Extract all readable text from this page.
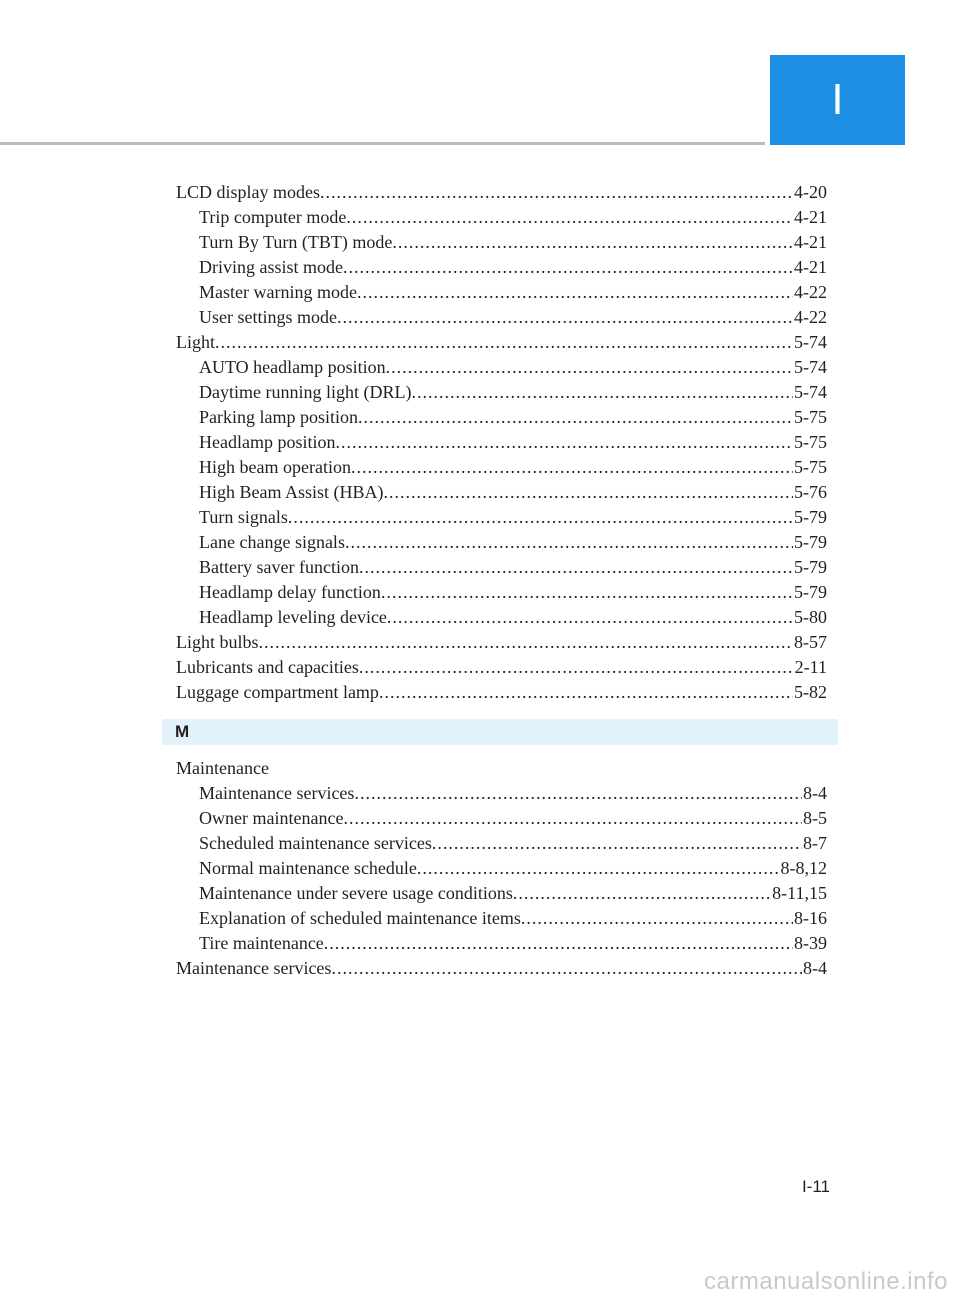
I
LCD display modes .....	4-20
Trip computer mode .....	4-21
Turn By Turn (TBT) mode .....	4-21
Driving assist mode .....	4-21
Master warning mode .....	4-22
User settings mode .....	4-22
Light .....	5-74
AUTO headlamp position .....	5-74
Daytime running light (DRL) .....	5-74
Parking lamp position .....	5-75
Headlamp position .....	5-75
High beam operation .....	5-75
High Beam Assist (HBA) .....	5-76
Turn signals .....	5-79
Lane change signals .....	5-79
Battery saver function .....	5-79
Headlamp delay function .....	5-79
Headlamp leveling device .....	5-80
Light bulbs .....	8-57
Lubricants and capacities .....	2-11
Luggage compartment lamp .....	5-82
M
Maintenance
Maintenance services .....	8-4
Owner maintenance .....	8-5
Scheduled maintenance services .....	8-7
Normal maintenance schedule .....	8-8,12
Maintenance under severe usage conditions .....	8-11,15
Explanation of scheduled maintenance items .....	8-16
Tire maintenance .....	8-39
Maintenance services .....	8-4
I-11
carmanualsonline.info
